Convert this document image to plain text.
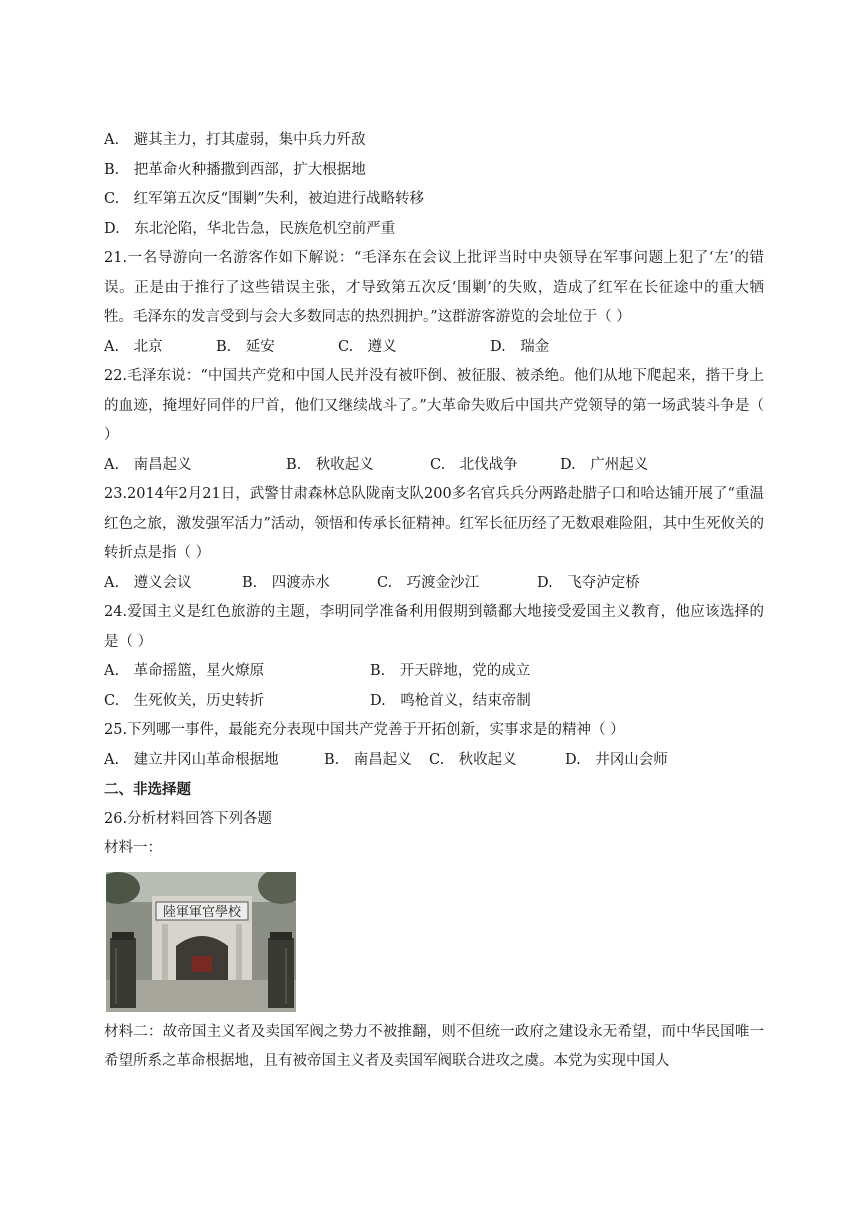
A.　避其主力，打其虚弱，集中兵力歼敌
B.　把革命火种播撒到西部，扩大根据地
C.　红军第五次反“围剿”失利，被迫进行战略转移
D.　东北沦陷，华北告急，民族危机空前严重
21.一名导游向一名游客作如下解说：“毛泽东在会议上批评当时中央领导在军事问题上犯了‘左’的错误。正是由于推行了这些错误主张，才导致第五次反‘围剿’的失败，造成了红军在长征途中的重大牺牲。毛泽东的发言受到与会大多数同志的热烈拥护。”这群游客游览的会址位于（ ）
A.　北京	B.　延安	C.　遵义	D.　瑞金
22.毛泽东说：“中国共产党和中国人民并没有被吓倒、被征服、被杀绝。他们从地下爬起来，揩干身上的血迹，掩埋好同伴的尸首，他们又继续战斗了。”大革命失败后中国共产党领导的第一场武装斗争是（ ）
A.　南昌起义	B.　秋收起义	C.　北伐战争	D.　广州起义
23.2014年2月21日，武警甘肃森林总队陇南支队200多名官兵兵分两路赴腊子口和哈达铺开展了“重温红色之旅，激发强军活力”活动，领悟和传承长征精神。红军长征历经了无数艰难险阻，其中生死攸关的转折点是指（ ）
A.　遵义会议	B.　四渡赤水	C.　巧渡金沙江	D.　飞夺泸定桥
24.爱国主义是红色旅游的主题，李明同学准备利用假期到赣鄱大地接受爱国主义教育，他应该选择的是（ ）
A.　革命摇篮，星火燎原	B.　开天辟地，党的成立
C.　生死攸关，历史转折	D.　鸣枪首义，结束帝制
25.下列哪一事件，最能充分表现中国共产党善于开拓创新，实事求是的精神（ ）
A.　建立井冈山革命根据地	B.　南昌起义	C.　秋收起义	D.　井冈山会师
二、非选择题
26.分析材料回答下列各题
材料一：
陸軍軍官學校
材料二：故帝国主义者及卖国军阀之势力不被推翻，则不但统一政府之建设永无希望，而中华民国唯一希望所系之革命根据地，且有被帝国主义者及卖国军阀联合进攻之虞。本党为实现中国人
